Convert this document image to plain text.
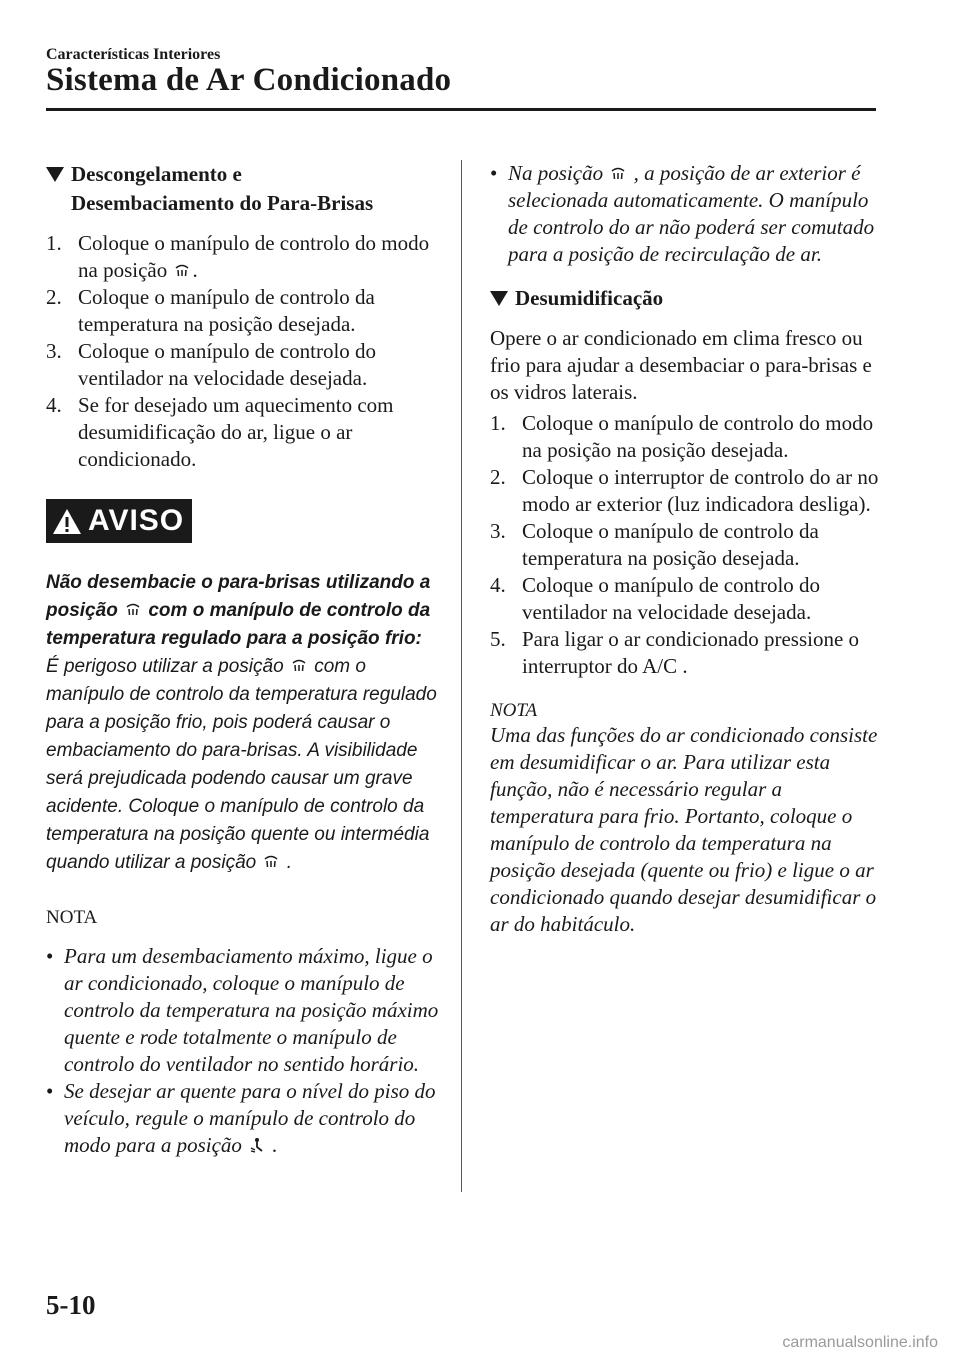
Características Interiores
Sistema de Ar Condicionado
Descongelamento e
Desembaciamento do Para-Brisas
1. Coloque o manípulo de controlo do modo na posição .
2. Coloque o manípulo de controlo da temperatura na posição desejada.
3. Coloque o manípulo de controlo do ventilador na velocidade desejada.
4. Se for desejado um aquecimento com desumidificação do ar, ligue o ar condicionado.
AVISO
Não desembacie o para-brisas utilizando a posição  com o manípulo de controlo da temperatura regulado para a posição frio:
É perigoso utilizar a posição  com o manípulo de controlo da temperatura regulado para a posição frio, pois poderá causar o embaciamento do para-brisas. A visibilidade será prejudicada podendo causar um grave acidente. Coloque o manípulo de controlo da temperatura na posição quente ou intermédia quando utilizar a posição  .
NOTA
• Para um desembaciamento máximo, ligue o ar condicionado, coloque o manípulo de controlo da temperatura na posição máximo quente e rode totalmente o manípulo de controlo do ventilador no sentido horário.
• Se desejar ar quente para o nível do piso do veículo, regule o manípulo de controlo do modo para a posição  .
• Na posição  , a posição de ar exterior é selecionada automaticamente. O manípulo de controlo do ar não poderá ser comutado para a posição de recirculação de ar.
Desumidificação

Opere o ar condicionado em clima fresco ou frio para ajudar a desembaciar o para-brisas e os vidros laterais.

1. Coloque o manípulo de controlo do modo na posição na posição desejada.
2. Coloque o interruptor de controlo do ar no modo ar exterior (luz indicadora desliga).
3. Coloque o manípulo de controlo da temperatura na posição desejada.
4. Coloque o manípulo de controlo do ventilador na velocidade desejada.
5. Para ligar o ar condicionado pressione o interruptor do A/C .
NOTA
Uma das funções do ar condicionado consiste em desumidificar o ar. Para utilizar esta função, não é necessário regular a temperatura para frio. Portanto, coloque o manípulo de controlo da temperatura na posição desejada (quente ou frio) e ligue o ar condicionado quando desejar desumidificar o ar do habitáculo.
5-10
carmanualsonline.info
